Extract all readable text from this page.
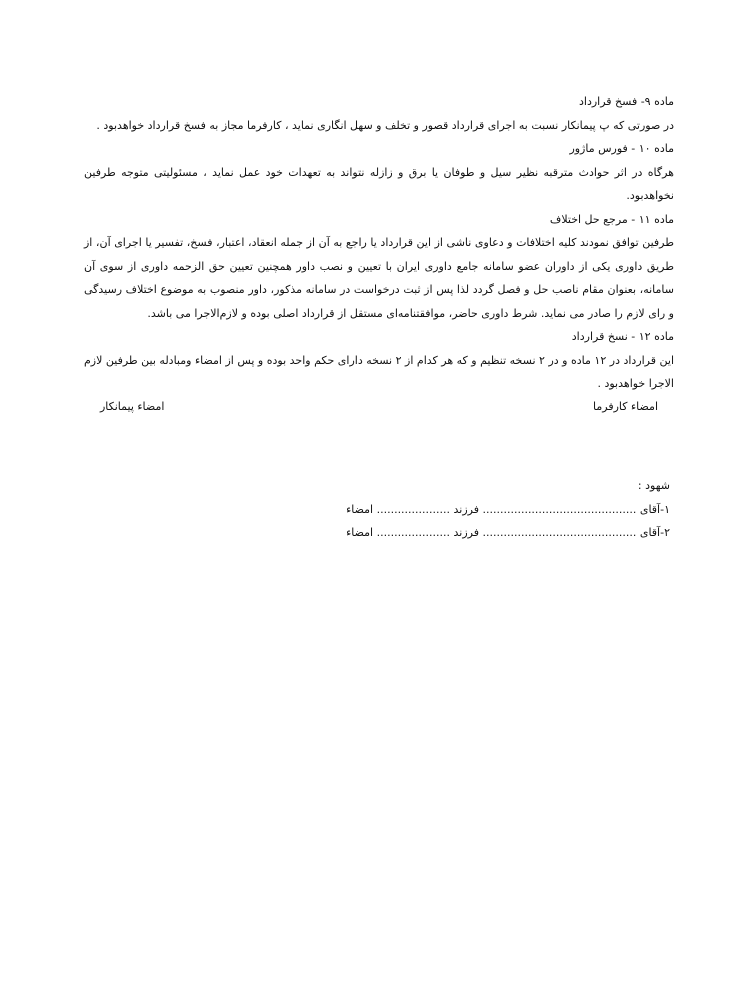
ماده ۹- فسخ قرارداد

در صورتی که پ پیمانکار نسبت به اجرای قرارداد قصور و تخلف و سهل انگاری نماید ، کارفرما مجاز به فسخ قرارداد خواهدبود .

ماده ۱۰ - فورس ماژور

هرگاه در اثر حوادث مترقبه نظیر سیل و طوفان یا برق و زازله نتواند به تعهدات خود عمل نماید ، مسئولیتی متوجه طرفین نخواهدبود.

ماده ۱۱ - مرجع حل اختلاف

طرفین توافق نمودند کلیه اختلافات و دعاوی ناشی از این قرارداد یا راجع به آن از جمله انعقاد، اعتبار، فسخ، تفسیر یا اجرای آن، از طریق داوری یکی از داوران عضو سامانه جامع داوری ایران با تعیین و نصب داور همچنین تعیین حق الزحمه داوری از سوی آن سامانه، بعنوان مقام ناصب حل و فصل گردد لذا پس از ثبت درخواست در سامانه مذکور، داور منصوب به موضوع اختلاف رسیدگی و رای لازم را صادر می نماید. شرط داوری حاضر، موافقتنامه‌ای مستقل از قرارداد اصلی بوده و لازم‌الاجرا می باشد.

ماده ۱۲ - نسخ قرارداد

این قرارداد در ۱۲ ماده و در ۲ نسخه تنظیم و که هر کدام از ۲ نسخه دارای حکم واحد بوده و پس از امضاء ومبادله بین طرفین لازم الاجرا خواهدبود .

امضاء کارفرما
امضاء پیمانکار

شهود :

۱-آقای ............................................ فرزند ..................... امضاء

۲-آقای ............................................ فرزند ..................... امضاء
